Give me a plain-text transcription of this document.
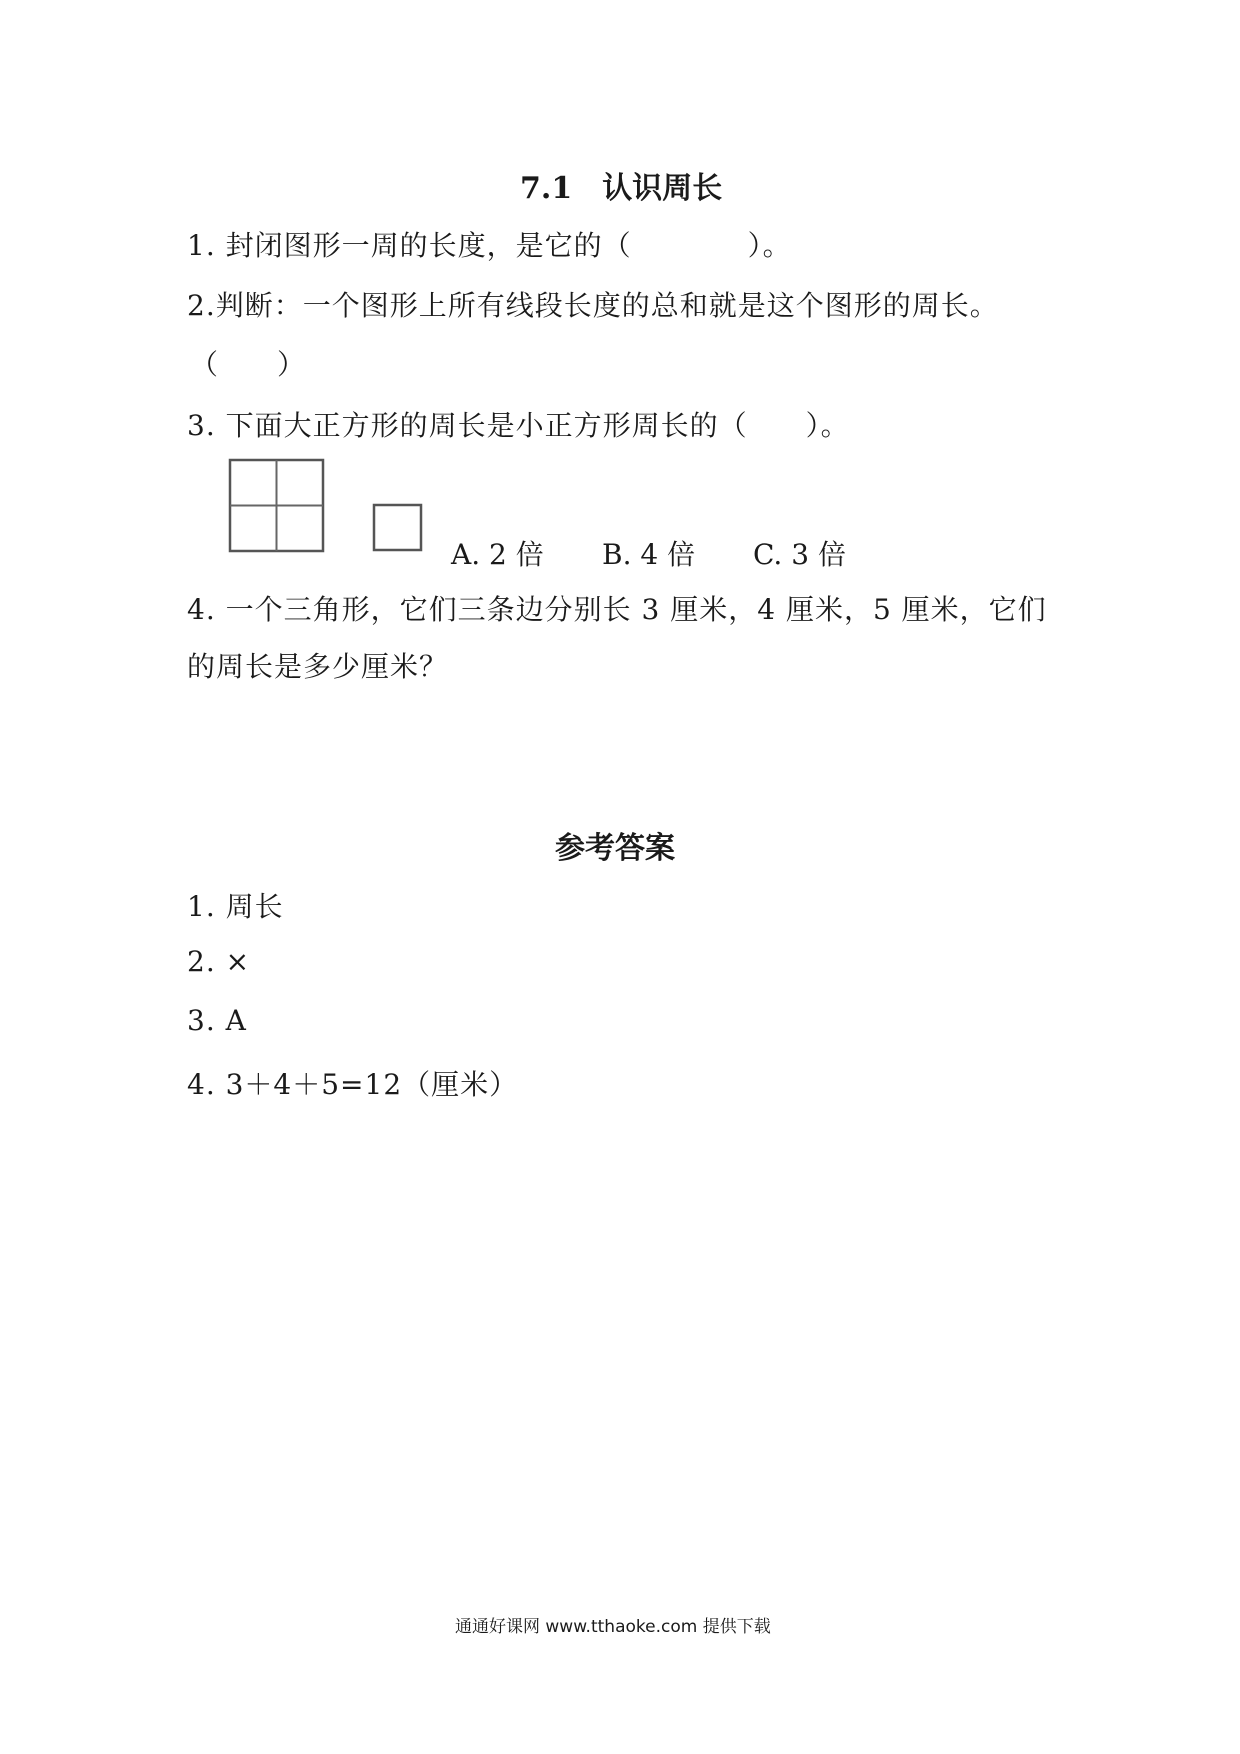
7.1　认识周长
1. 封闭图形一周的长度，是它的（　　　　）。
2.判断：一个图形上所有线段长度的总和就是这个图形的周长。
（　　）
3. 下面大正方形的周长是小正方形周长的（　　）。
A. 2 倍 B. 4 倍 C. 3 倍
4. 一个三角形，它们三条边分别长 3 厘米，4 厘米，5 厘米，它们
的周长是多少厘米？
参考答案
1. 周长
2. ×
3. A
4. 3＋4＋5=12（厘米）
通通好课网 www.tthaoke.com 提供下载
